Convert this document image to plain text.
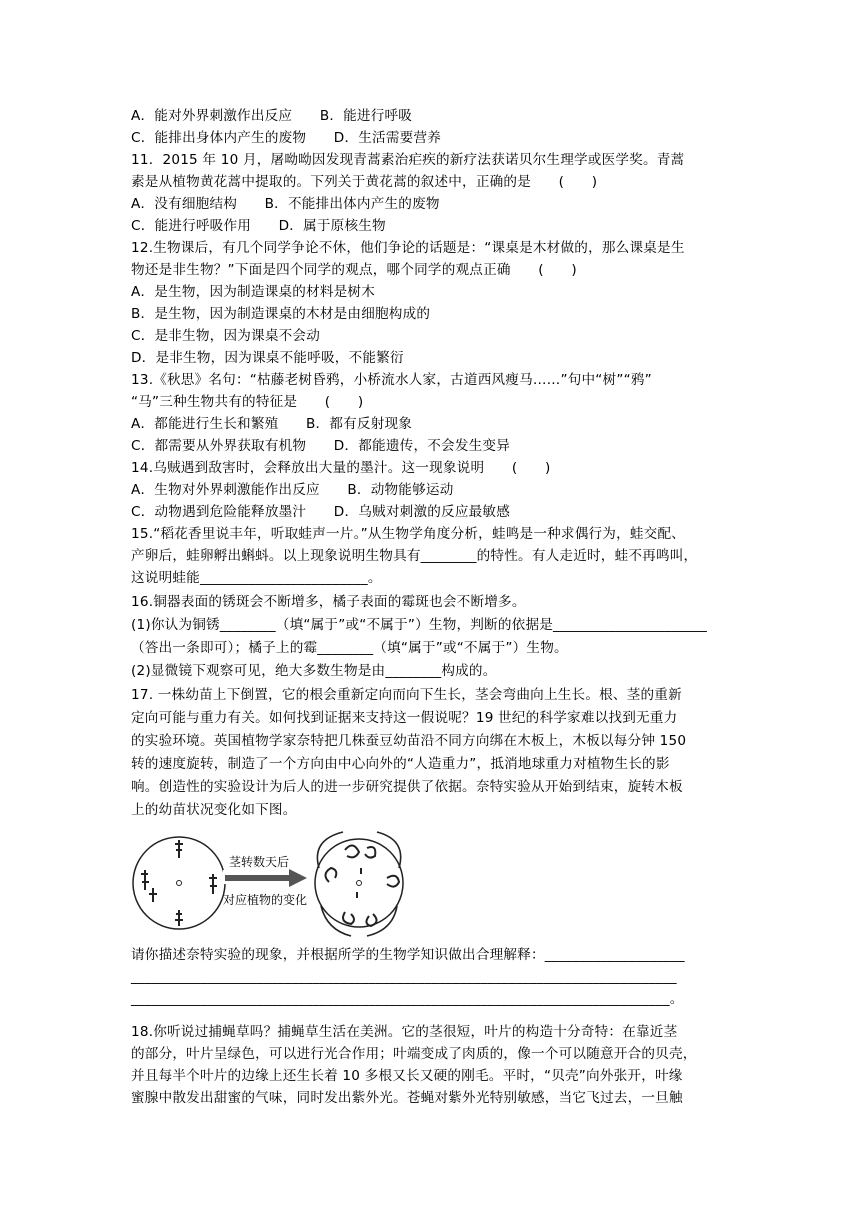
A．能对外界刺激作出反应　　B．能进行呼吸
C．能排出身体内产生的废物　　D．生活需要营养
11．2015 年 10 月，屠呦呦因发现青蒿素治疟疾的新疗法获诺贝尔生理学或医学奖。青蒿
素是从植物黄花蒿中提取的。下列关于黄花蒿的叙述中，正确的是　　(　　)
A．没有细胞结构　　B．不能排出体内产生的废物
C．能进行呼吸作用　　D．属于原核生物
12.生物课后，有几个同学争论不休，他们争论的话题是：“课桌是木材做的，那么课桌是生
物还是非生物？”下面是四个同学的观点，哪个同学的观点正确　　(　　)
A．是生物，因为制造课桌的材料是树木
B．是生物，因为制造课桌的木材是由细胞构成的
C．是非生物，因为课桌不会动
D．是非生物，因为课桌不能呼吸，不能繁衍
13.《秋思》名句：“枯藤老树昏鸦，小桥流水人家，古道西风瘦马……”句中“树”“鸦”
“马”三种生物共有的特征是　　(　　)
A．都能进行生长和繁殖　　B．都有反射现象
C．都需要从外界获取有机物　　D．都能遗传，不会发生变异
14.乌贼遇到敌害时，会释放出大量的墨汁。这一现象说明　　(　　)
A．生物对外界刺激能作出反应　　B．动物能够运动
C．动物遇到危险能释放墨汁　　D．乌贼对刺激的反应最敏感
15.“稻花香里说丰年，听取蛙声一片。”从生物学角度分析，蛙鸣是一种求偶行为，蛙交配、
产卵后，蛙卵孵出蝌蚪。以上现象说明生物具有________的特性。有人走近时，蛙不再鸣叫，
这说明蛙能________________________。
16.铜器表面的锈斑会不断增多，橘子表面的霉斑也会不断增多。
(1)你认为铜锈________（填“属于”或“不属于”）生物，判断的依据是______________________
（答出一条即可）；橘子上的霉________（填“属于”或“不属于”）生物。
(2)显微镜下观察可见，绝大多数生物是由________构成的。
17. 一株幼苗上下倒置，它的根会重新定向而向下生长，茎会弯曲向上生长。根、茎的重新
定向可能与重力有关。如何找到证据来支持这一假说呢？19 世纪的科学家难以找到无重力
的实验环境。英国植物学家奈特把几株蚕豆幼苗沿不同方向绑在木板上，木板以每分钟 150
转的速度旋转，制造了一个方向由中心向外的“人造重力”，抵消地球重力对植物生长的影
响。创造性的实验设计为后人的进一步研究提供了依据。奈特实验从开始到结束，旋转木板
上的幼苗状况变化如下图。
茎转数天后
对应植物的变化
请你描述奈特实验的现象，并根据所学的生物学知识做出合理解释：____________________
______________________________________________________________________________
_____________________________________________________________________________。
18.你听说过捕蝇草吗？捕蝇草生活在美洲。它的茎很短，叶片的构造十分奇特：在靠近茎
的部分，叶片呈绿色，可以进行光合作用；叶端变成了肉质的，像一个可以随意开合的贝壳，
并且每半个叶片的边缘上还生长着 10 多根又长又硬的刚毛。平时，“贝壳”向外张开，叶缘
蜜腺中散发出甜蜜的气味，同时发出紫外光。苍蝇对紫外光特别敏感，当它飞过去，一旦触
